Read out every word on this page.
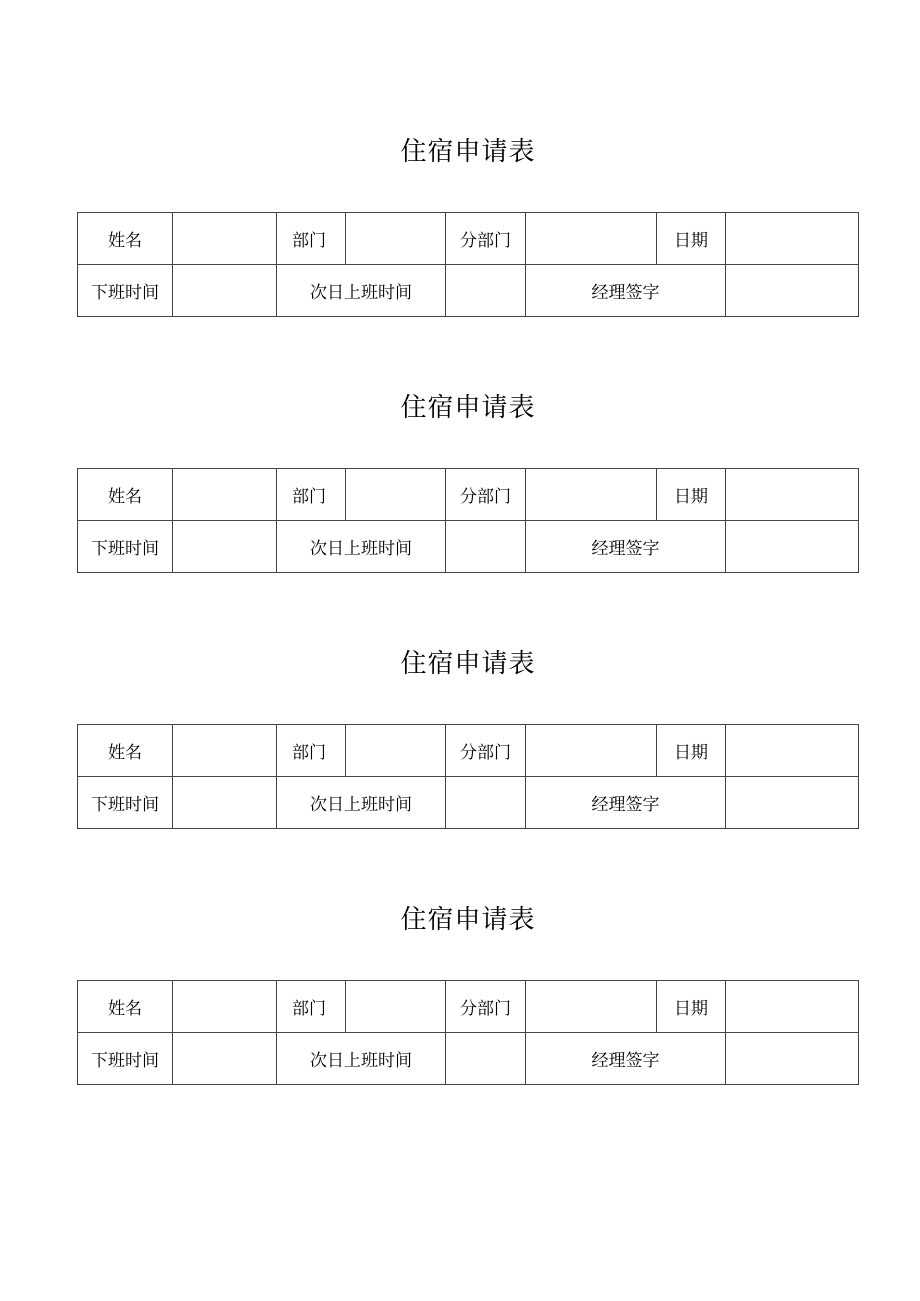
住宿申请表
姓名		部门		分部门		日期	
下班时间		次日上班时间			经理签字		
住宿申请表
姓名		部门		分部门		日期	
下班时间		次日上班时间			经理签字		
住宿申请表
姓名		部门		分部门		日期	
下班时间		次日上班时间			经理签字		
住宿申请表
姓名		部门		分部门		日期	
下班时间		次日上班时间			经理签字		
